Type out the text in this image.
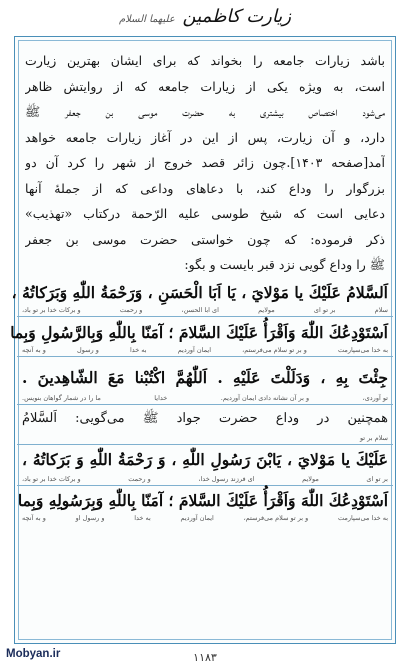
زیارت کاظمین علیهما السلام
باشد زیارات جامعه را بخواند که برای ایشان بهترین زیارت
است، به ویژه یکی از زیارات جامعه که از روایتش ظاهر
می‌شود اختصاص بیشتری به حضرت موسی بن جعفر ﷺ
دارد، و آن زیارت، پس از این در آغاز زیارات جامعه خواهد
آمد[صفحه ۱۴۰۳].چون زائر قصد خروج از شهر را کرد آن دو
بزرگوار را وداع کند، با دعاهای وداعی که از جملهٔ آنها
دعایی است که شیخ طوسی علیه الرّحمة درکتاب «تهذیب»
ذکر فرموده: که چون خواستی حضرت موسی بن جعفر
ﷺ را وداع گویی نزد قبر بایست و بگو:
اَلسَّلامُ عَلَيْكَ يا مَوْلايَ ، يَا اَبَا الْحَسَنِ ، وَرَحْمَةُ اللّٰهِ وَبَرَكاتُهُ ،
سلام
بر تو ای
مولایم
ای ابا الحسن،
و رحمت
و برکات خدا بر تو باد،
اَسْتَوْدِعُكَ اللّٰهَ وَاَقْرَأُ عَلَيْكَ السَّلامَ ؛ آمَنّا بِاللّٰهِ وَبِالرَّسُولِ وَبِما
به خدا می‌سپارمت
و بر تو سلام می‌فرستم،
ایمان آوردیم
به خدا
و رسول
و به آنچه
جِئْتَ بِهِ ، وَدَلَلْتَ عَلَيْهِ . اَللّٰهُمَّ اكْتُبْنا مَعَ الشّاهِدينَ .
تو آوردی،
و بر آن نشانه دادی ایمان آوردیم.
خدایا
ما را در شمار گواهان بنویس.
همچنین در وداع حضرت جواد ﷺ می‌گویی: اَلسَّلامُ
سلام بر تو
عَلَيْكَ يا مَوْلايَ ، يَابْنَ رَسُولِ اللّٰهِ ، وَ رَحْمَةُ اللّٰهِ وَ بَرَكاتُهُ ،
بر تو ای
مولایم
ای فرزند رسول خدا،
و رحمت
و برکات خدا بر تو باد،
اَسْتَوْدِعُكَ اللّٰهَ وَاَقْرَأُ عَلَيْكَ السَّلامَ ؛ آمَنّا بِاللّٰهِ وَبِرَسُولِهِ وَبِما
به خدا می‌سپارمت
و بر تو سلام می‌فرستم،
ایمان آوردیم
به خدا
و رسول او
و به آنچه
۱۱۸۳
Mobyan.ir
